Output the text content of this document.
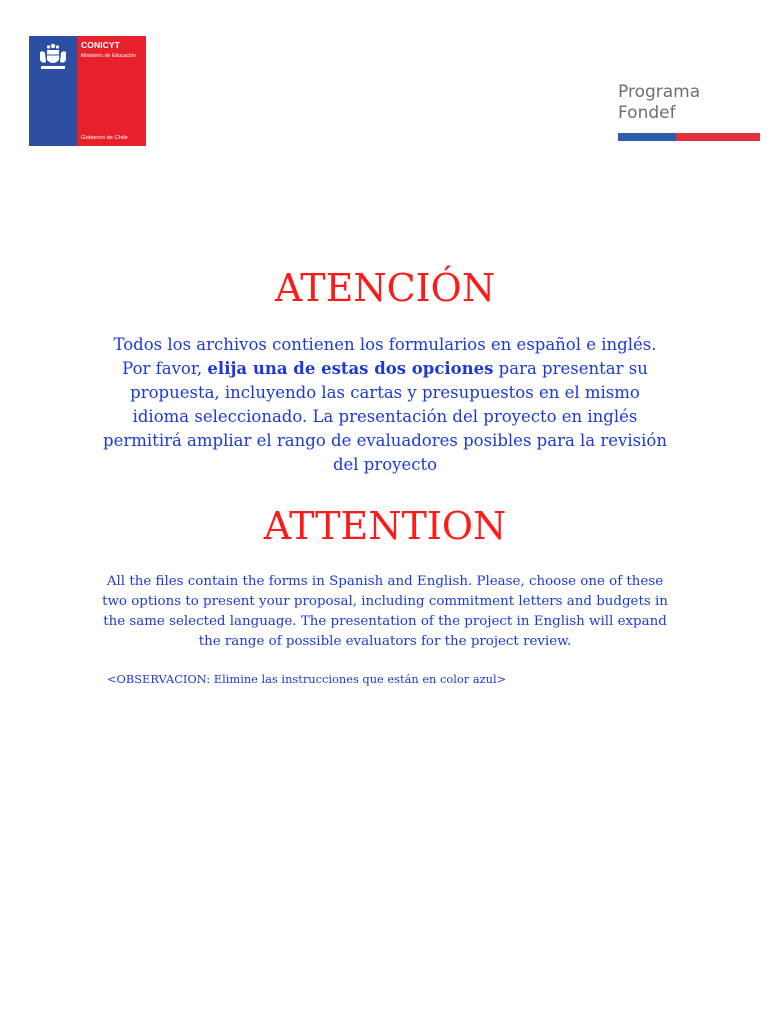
CONICYT
Ministerio de Educación
Gobierno de Chile
Programa
Fondef
ATENCIÓN

Todos los archivos contienen los formularios en español e inglés. Por favor, elija una de estas dos opciones para presentar su propuesta, incluyendo las cartas y presupuestos en el mismo idioma seleccionado. La presentación del proyecto en inglés permitirá ampliar el rango de evaluadores posibles para la revisión del proyecto

ATTENTION

All the files contain the forms in Spanish and English. Please, choose one of these two options to present your proposal, including commitment letters and budgets in the same selected language. The presentation of the project in English will expand the range of possible evaluators for the project review.

<OBSERVACION: Elimine las instrucciones que están en color azul>
